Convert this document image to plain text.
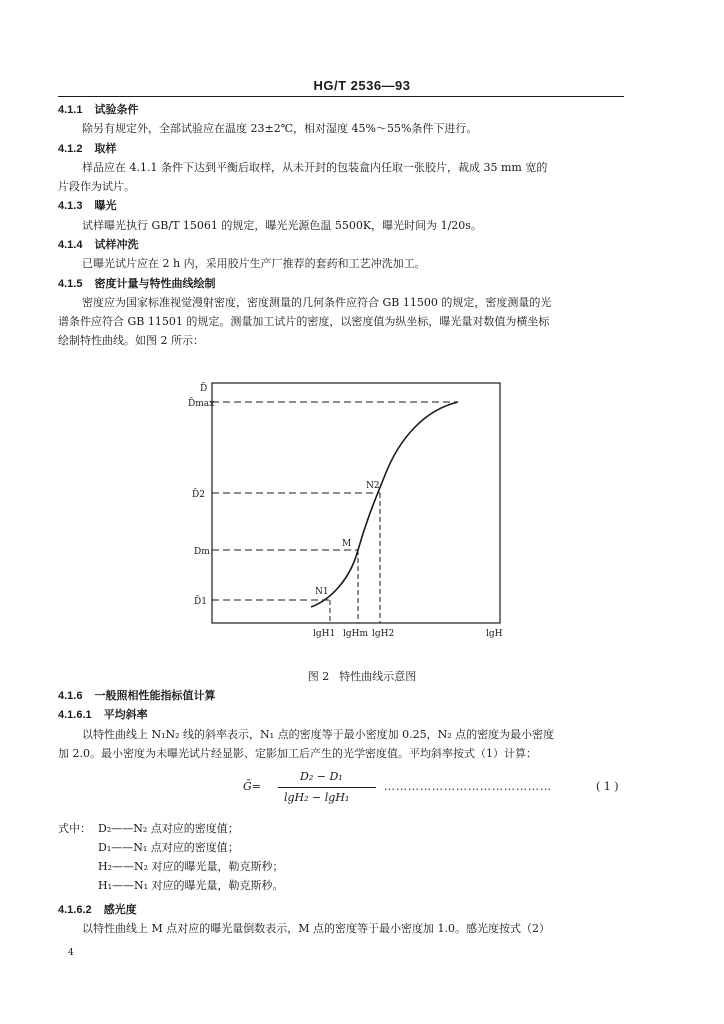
HG/T 2536—93
4.1.1 试验条件
除另有规定外，全部试验应在温度 23±2℃，相对湿度 45%～55%条件下进行。
4.1.2 取样
样品应在 4.1.1 条件下达到平衡后取样，从未开封的包装盒内任取一张胶片，裁成 35 mm 宽的
片段作为试片。
4.1.3 曝光
试样曝光执行 GB/T 15061 的规定，曝光光源色温 5500K，曝光时间为 1/20s。
4.1.4 试样冲洗
已曝光试片应在 2 h 内，采用胶片生产厂推荐的套药和工艺冲洗加工。
4.1.5 密度计量与特性曲线绘制
密度应为国家标准视觉漫射密度，密度测量的几何条件应符合 GB 11500 的规定，密度测量的光
谱条件应符合 GB 11501 的规定。测量加工试片的密度，以密度值为纵坐标，曝光量对数值为横坐标
绘制特性曲线。如图 2 所示：
D̄
D̄max
D̄2
Dm
D̄1
lgH1 lgHm lgH2	lgH
N1
M
N2
图 2 特性曲线示意图
4.1.6 一般照相性能指标值计算
4.1.6.1 平均斜率
以特性曲线上 N₁N₂ 线的斜率表示，N₁ 点的密度等于最小密度加 0.25，N₂ 点的密度为最小密度
加 2.0。最小密度为未曝光试片经显影、定影加工后产生的光学密度值。平均斜率按式（1）计算：
Ḡ=
D₂ − D₁
lgH₂ − lgH₁
……………………………………	( 1 )
式中： D₂——N₂ 点对应的密度值；
D₁——N₁ 点对应的密度值；
H₂——N₂ 对应的曝光量，勒克斯秒；
H₁——N₁ 对应的曝光量，勒克斯秒。
4.1.6.2 感光度
以特性曲线上 M 点对应的曝光量倒数表示，M 点的密度等于最小密度加 1.0。感光度按式（2）
4
